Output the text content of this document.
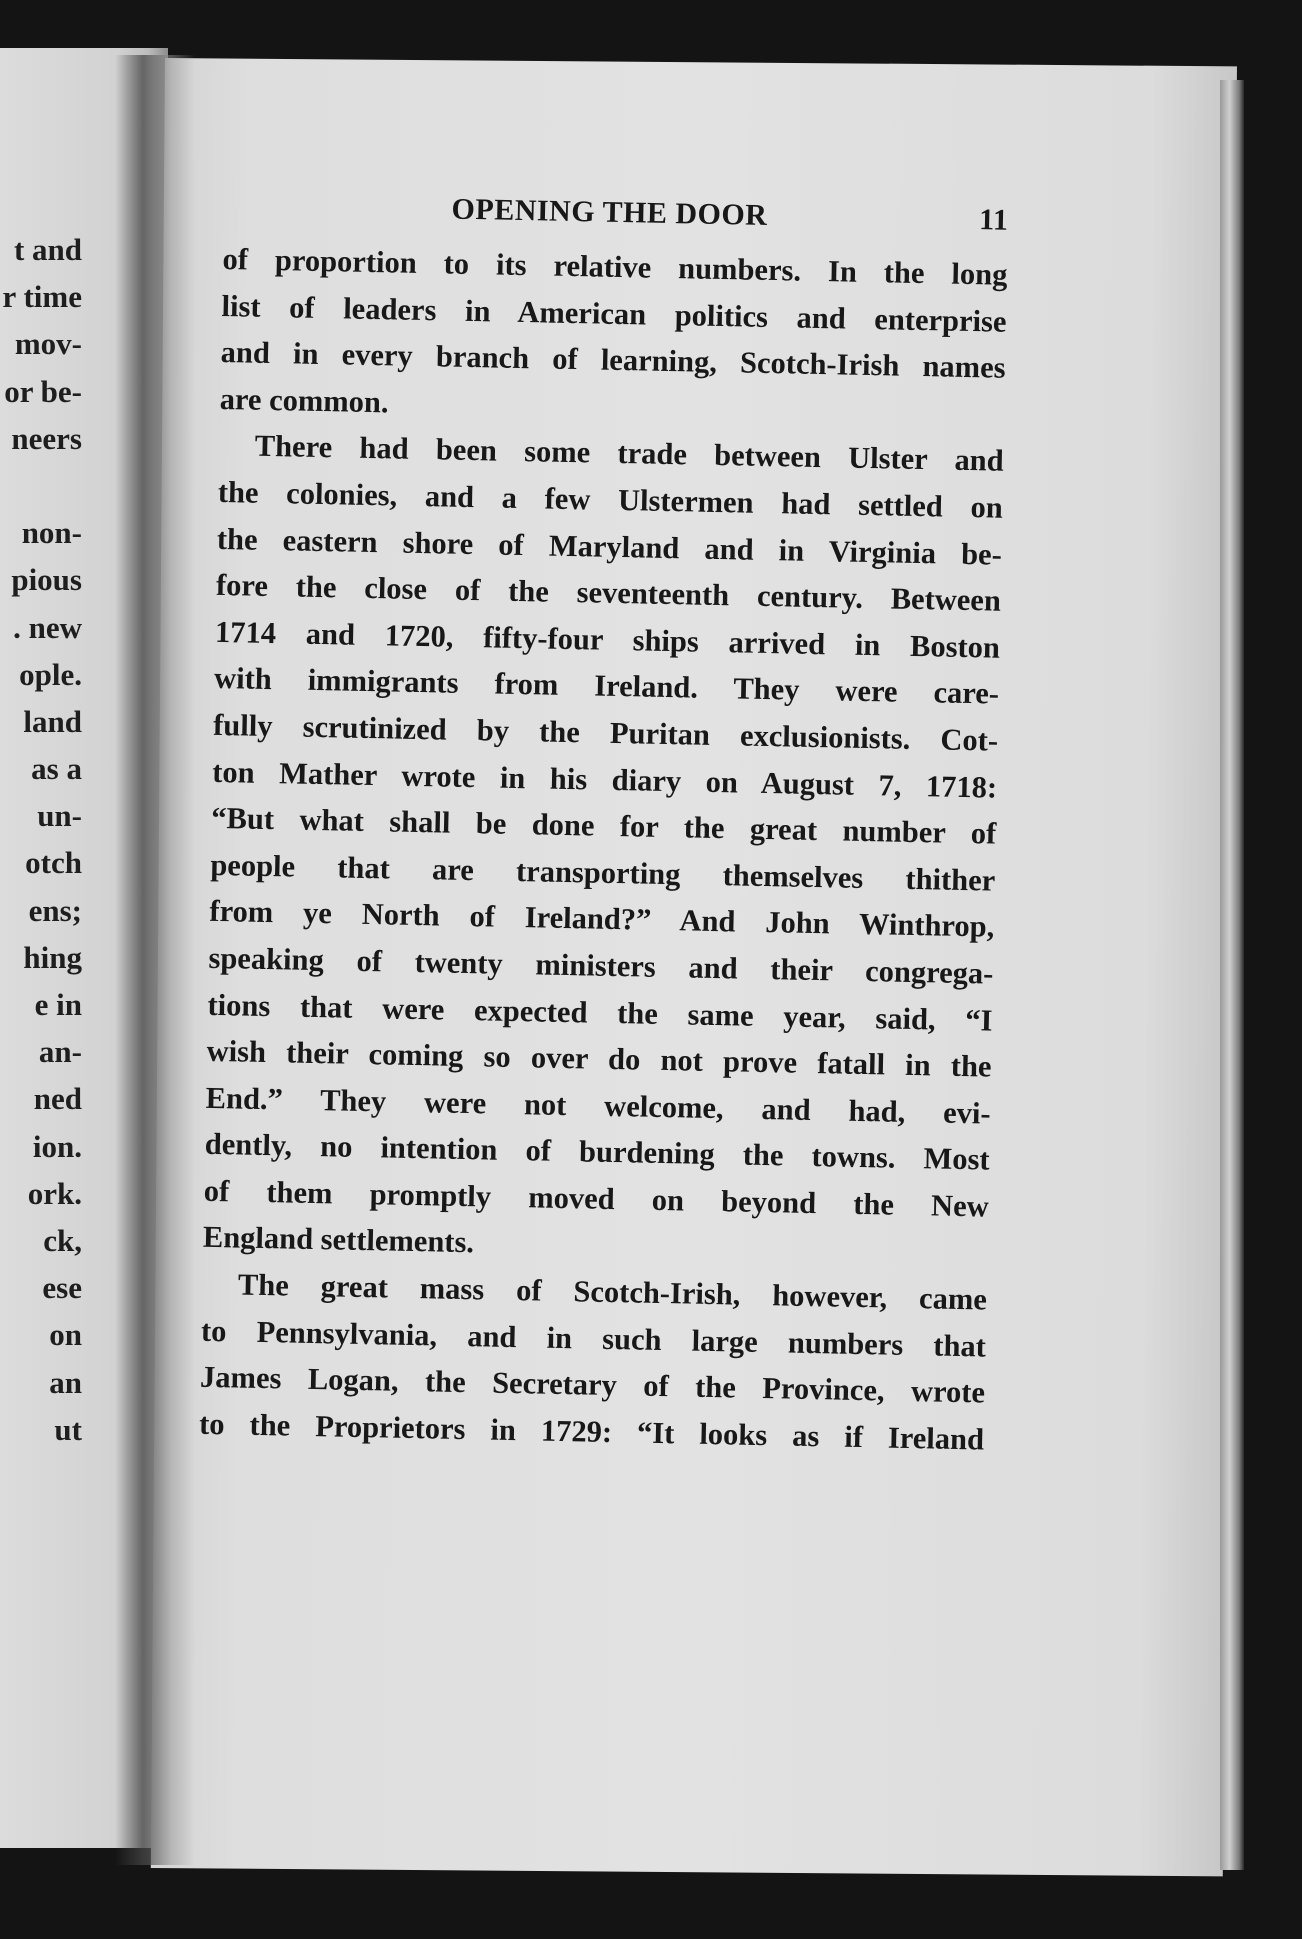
t and
r time
mov-
or be-
neers
non-
pious
. new
ople.
land
as a
un-
otch
ens;
hing
e in
an-
ned
ion.
ork.
ck,
ese
on
an
ut
OPENING THE DOOR	11
of proportion to its relative numbers. In the long
list of leaders in American politics and enterprise
and in every branch of learning, Scotch-Irish names
are common.
There had been some trade between Ulster and
the colonies, and a few Ulstermen had settled on
the eastern shore of Maryland and in Virginia be-
fore the close of the seventeenth century. Between
1714 and 1720, fifty-four ships arrived in Boston
with immigrants from Ireland. They were care-
fully scrutinized by the Puritan exclusionists. Cot-
ton Mather wrote in his diary on August 7, 1718:
“But what shall be done for the great number of
people that are transporting themselves thither
from ye North of Ireland?” And John Winthrop,
speaking of twenty ministers and their congrega-
tions that were expected the same year, said, “I
wish their coming so over do not prove fatall in the
End.” They were not welcome, and had, evi-
dently, no intention of burdening the towns. Most
of them promptly moved on beyond the New
England settlements.
The great mass of Scotch-Irish, however, came
to Pennsylvania, and in such large numbers that
James Logan, the Secretary of the Province, wrote
to the Proprietors in 1729: “It looks as if Ireland
